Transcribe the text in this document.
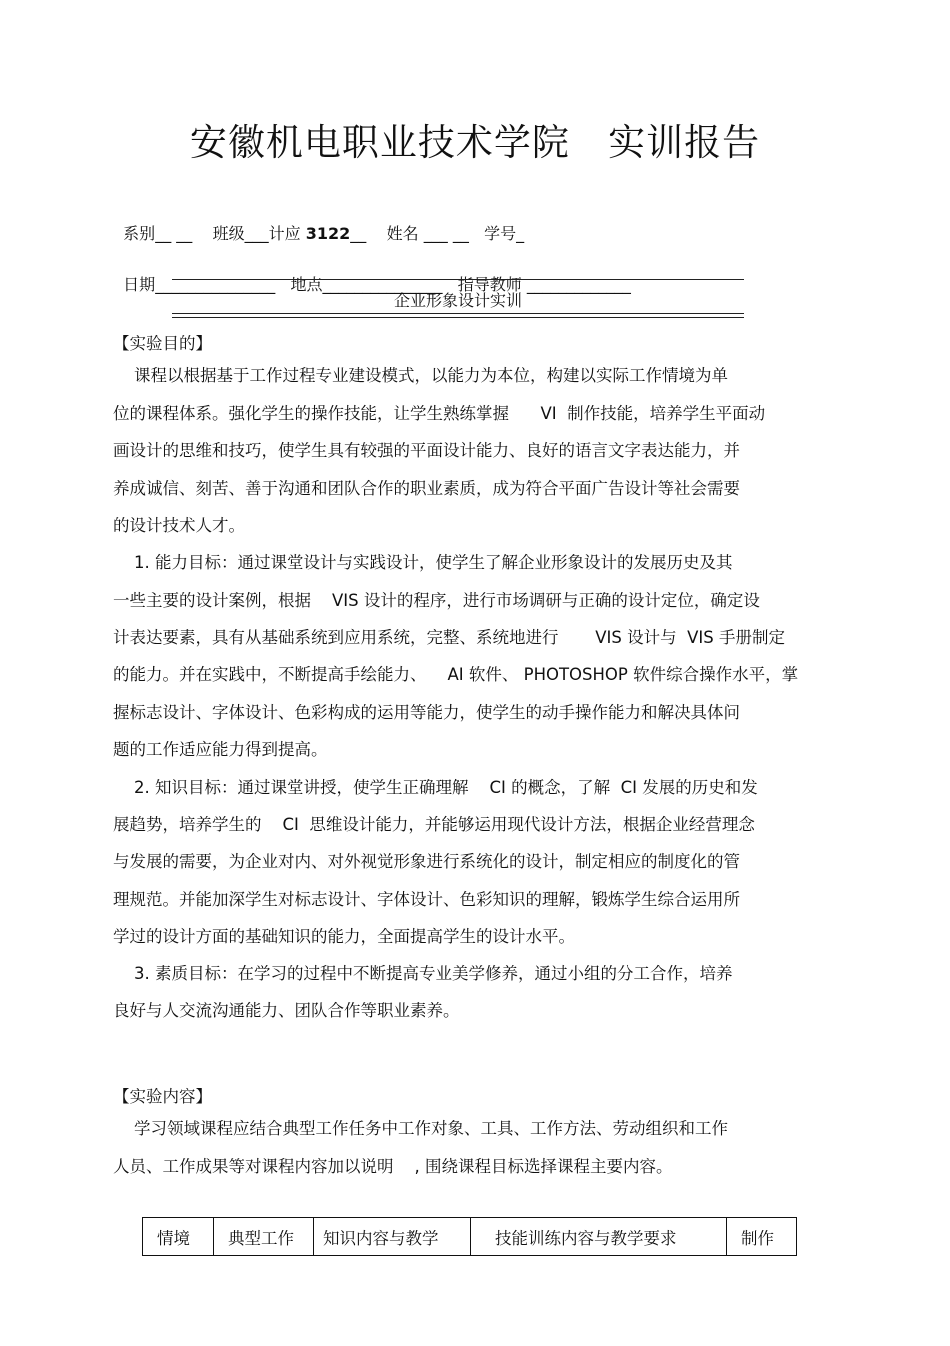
安徽机电职业技术学院   实训报告

系别__ __ 班级___计应 3122__ 姓名 ___ __ 学号_

日期_______________ 地点_______________ 指导教师 _____________

企业形象设计实训
【实验目的】
课程以根据基于工作过程专业建设模式，以能力为本位，构建以实际工作情境为单
位的课程体系。强化学生的操作技能，让学生熟练掌握      VI  制作技能，培养学生平面动
画设计的思维和技巧，使学生具有较强的平面设计能力、良好的语言文字表达能力，并
养成诚信、刻苦、善于沟通和团队合作的职业素质，成为符合平面广告设计等社会需要
的设计技术人才。
1. 能力目标：通过课堂设计与实践设计，使学生了解企业形象设计的发展历史及其
一些主要的设计案例，根据    VIS 设计的程序，进行市场调研与正确的设计定位，确定设
计表达要素，具有从基础系统到应用系统，完整、系统地进行       VIS 设计与  VIS 手册制定
的能力。并在实践中，不断提高手绘能力、    AI 软件、 PHOTOSHOP 软件综合操作水平，掌
握标志设计、字体设计、色彩构成的运用等能力，使学生的动手操作能力和解决具体问
题的工作适应能力得到提高。
2. 知识目标：通过课堂讲授，使学生正确理解    CI 的概念，了解  CI 发展的历史和发
展趋势，培养学生的    CI  思维设计能力，并能够运用现代设计方法，根据企业经营理念
与发展的需要，为企业对内、对外视觉形象进行系统化的设计，制定相应的制度化的管
理规范。并能加深学生对标志设计、字体设计、色彩知识的理解，锻炼学生综合运用所
学过的设计方面的基础知识的能力，全面提高学生的设计水平。
3. 素质目标：在学习的过程中不断提高专业美学修养，通过小组的分工合作，培养
良好与人交流沟通能力、团队合作等职业素养。
【实验内容】
学习领域课程应结合典型工作任务中工作对象、工具、工作方法、劳动组织和工作
人员、工作成果等对课程内容加以说明    , 围绕课程目标选择课程主要内容。
情境	典型工作	知识内容与教学	技能训练内容与教学要求	制作
